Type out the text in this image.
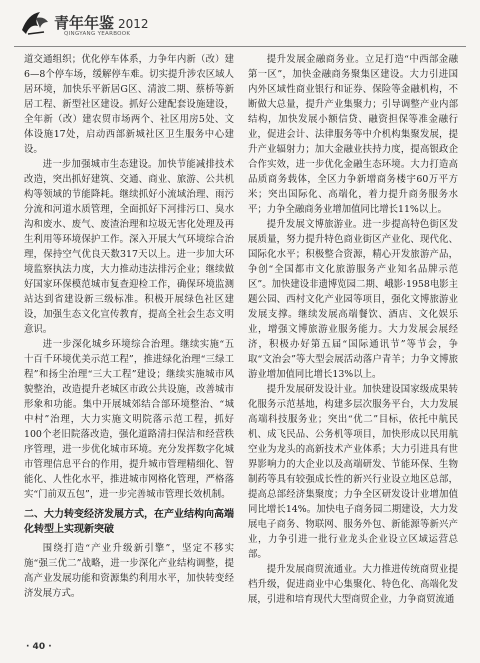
青年年鉴 2012
QINGYANG YEARBOOK

道交通组织；优化停车体系，力争年内新（改）建6—8个停车场，缓解停车难。切实提升涉农区域人居环境，加快乐平新居G区、清波二期、蔡桥等新居工程、新型社区建设。抓好公建配套设施建设，全年新（改）建农贸市场两个、社区用房5处、文体设施17处，启动西部新城社区卫生服务中心建设。

进一步加强城市生态建设。加快节能减排技术改造，突出抓好建筑、交通、商业、旅游、公共机构等领域的节能降耗。继续抓好小流域治理、雨污分流和河道水质管理，全面抓好下河排污口、臭水沟和废水、废气、废渣治理和垃圾无害化处理及再生利用等环境保护工作。深入开展大气环境综合治理，保持空气优良天数317天以上。进一步加大环境监察执法力度，大力推动违法排污企业；继续做好国家环保模范城市复查迎检工作，确保环境监测站达到省建设新三级标准。积极开展绿色社区建设，加强生态文化宣传教育，提高全社会生态文明意识。

进一步深化城乡环境综合治理。继续实施“五十百千环境优美示范工程”，推进绿化治理“三绿工程”和扬尘治理“三大工程”建设；继续实施城市风貌整治，改造提升老城区市政公共设施，改善城市形象和功能。集中开展城郊结合部环境整治、“城中村”治理，大力实施文明院落示范工程，抓好100个老旧院落改造，强化道路清扫保洁和经营秩序管理，进一步优化城市环境。充分发挥数字化城市管理信息平台的作用，提升城市管理精细化、智能化、人性化水平，推进城市网格化管理，严格落实“门前双五包”，进一步完善城市管理长效机制。

二、大力转变经济发展方式，在产业结构向高端化转型上实现新突破

围绕打造“产业升级新引擎”，坚定不移实施“强三优二”战略，进一步深化产业结构调整，提高产业发展功能和资源集约利用水平，加快转变经济发展方式。

提升发展金融商务业。立足打造“中西部金融第一区”，加快金融商务聚集区建设。大力引进国内外区域性商业银行和证券、保险等金融机构，不断做大总量，提升产业集聚力；引导调整产业内部结构，加快发展小额信贷、融资担保等准金融行业，促进会计、法律服务等中介机构集聚发展，提升产业辐射力；加大金融业扶持力度，提高银政企合作实效，进一步优化金融生态环境。大力打造高品质商务载体，全区力争新增商务楼宇60万平方米；突出国际化、高端化，着力提升商务服务水平；力争全融商务业增加值同比增长11%以上。

提升发展文博旅游业。进一步提高特色街区发展质量，努力提升特色商业街区产业化、现代化、国际化水平；积极整合资源，精心开发旅游产品，争创“全国都市文化旅游服务产业知名品牌示范区”。加快建设非遗博览园二期、峨影·1958电影主题公园、西村文化产业园等项目，强化文博旅游业发展支撑。继续发展高端餐饮、酒店、文化娱乐业，增强文博旅游业服务能力。大力发展会展经济，积极办好第五届“国际通讯节”等节会，争取“文治会”等大型会展活动落户青羊；力争文博旅游业增加值同比增长13%以上。

提升发展研发设计业。加快建设国家级成果转化服务示范基地，构建多层次服务平台，大力发展高端科技服务业；突出“优二”目标，依托中航民机、成飞民品、公务机等项目，加快形成以民用航空业为龙头的高新技术产业体系；大力引进具有世界影响力的大企业以及高端研发、节能环保、生物制药等具有较强成长性的新兴行业设立地区总部，提高总部经济集聚度；力争全区研发设计业增加值同比增长14%。加快电子商务园二期建设，大力发展电子商务、物联网、服务外包、新能源等新兴产业，力争引进一批行业龙头企业设立区域运营总部。

提升发展商贸流通业。大力推进传统商贸业提档升级，促进商业中心集聚化、特色化、高端化发展，引进和培育现代大型商贸企业，力争商贸流通

· 40 ·
